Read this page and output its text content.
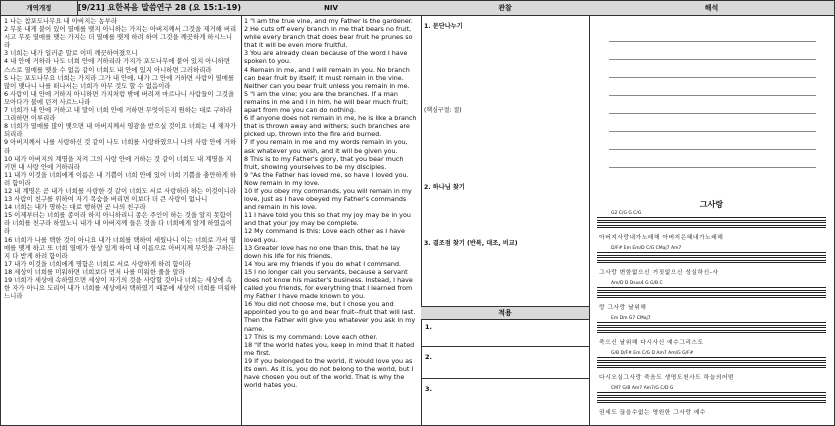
개역개정	[9/21] 요한복음 말씀연구 28 (요 15:1-19)

1 나는 참포도나무요 내 아버지는 농부라

2 무릇 내게 붙어 있어 열매를 맺지 아니하는 가지는 아버지께서 그것을 제거해 버리시고 무릇 열매를 맺는 가지는 더 열매를 맺게 하려 하여 그것을 깨끗하게 하시느니라

3 너희는 내가 일러준 말로 이미 깨끗하여졌으니

4 내 안에 거하라 나도 너희 안에 거하리라 가지가 포도나무에 붙어 있지 아니하면 스스로 열매를 맺을 수 없음 같이 너희도 내 안에 있지 아니하면 그러하리라

5 나는 포도나무요 너희는 가지라 그가 내 안에, 내가 그 안에 거하면 사람이 열매를 많이 맺나니 나를 떠나서는 너희가 아무 것도 할 수 없음이라

6 사람이 내 안에 거하지 아니하면 가지처럼 밖에 버려져 마르나니 사람들이 그것을 모아다가 불에 던져 사르느니라

7 너희가 내 안에 거하고 내 말이 너희 안에 거하면 무엇이든지 원하는 대로 구하라 그리하면 이루리라

8 너희가 열매를 많이 맺으면 내 아버지께서 영광을 받으실 것이요 너희는 내 제자가 되리라

9 아버지께서 나를 사랑하신 것 같이 나도 너희를 사랑하였으니 나의 사랑 안에 거하라

10 내가 아버지의 계명을 지켜 그의 사랑 안에 거하는 것 같이 너희도 내 계명을 지키면 내 사랑 안에 거하리라

11 내가 이것을 너희에게 이름은 내 기쁨이 너희 안에 있어 너희 기쁨을 충만하게 하려 함이라

12 내 계명은 곧 내가 너희를 사랑한 것 같이 너희도 서로 사랑하라 하는 이것이니라

13 사람이 친구를 위하여 자기 목숨을 버리면 이보다 더 큰 사랑이 없나니

14 너희는 내가 명하는 대로 행하면 곧 나의 친구라

15 이제부터는 너희를 종이라 하지 아니하리니 종은 주인이 하는 것을 알지 못함이라 너희를 친구라 하였노니 내가 내 아버지께 들은 것을 다 너희에게 알게 하였음이라

16 너희가 나를 택한 것이 아니요 내가 너희를 택하여 세웠나니 이는 너희로 가서 열매를 맺게 하고 또 너희 열매가 항상 있게 하여 내 이름으로 아버지께 무엇을 구하든지 다 받게 하려 함이라

17 내가 이것을 너희에게 명함은 너희로 서로 사랑하게 하려 함이라

18 세상이 너희를 미워하면 너희보다 먼저 나를 미워한 줄을 알라

19 너희가 세상에 속하였으면 세상이 자기의 것을 사랑할 것이나 너희는 세상에 속한 자가 아니요 도리어 내가 너희를 세상에서 택하였기 때문에 세상이 너희를 미워하느니라

NIV

1 "I am the true vine, and my Father is the gardener.

2 He cuts off every branch in me that bears no fruit, while every branch that does bear fruit he prunes so that it will be even more fruitful.

3 You are already clean because of the word I have spoken to you.

4 Remain in me, and I will remain in you. No branch can bear fruit by itself; it must remain in the vine. Neither can you bear fruit unless you remain in me.

5 "I am the vine; you are the branches. If a man remains in me and I in him, he will bear much fruit; apart from me you can do nothing.

6 If anyone does not remain in me, he is like a branch that is thrown away and withers; such branches are picked up, thrown into the fire and burned.

7 If you remain in me and my words remain in you, ask whatever you wish, and it will be given you.

8 This is to my Father's glory, that you bear much fruit, showing yourselves to be my disciples.

9 "As the Father has loved me, so have I loved you. Now remain in my love.

10 If you obey my commands, you will remain in my love, just as I have obeyed my Father's commands and remain in his love.

11 I have told you this so that my joy may be in you and that your joy may be complete.

12 My command is this: Love each other as I have loved you.

13 Greater love has no one than this, that he lay down his life for his friends.

14 You are my friends if you do what I command.

15 I no longer call you servants, because a servant does not know his master's business. Instead, I have called you friends, for everything that I learned from my Father I have made known to you.

16 You did not choose me, but I chose you and appointed you to go and bear fruit--fruit that will last. Then the Father will give you whatever you ask in my name.

17 This is my command: Love each other.

18 "If the world hates you, keep in mind that it hated me first.

19 If you belonged to the world, it would love you as its own. As it is, you do not belong to the world, but I have chosen you out of the world. That is why the world hates you.

관찰
1. 문단나누기
(핵심구절: 절)
2. 하나님 찾기
3. 결조점 찾기 (반복, 대조, 비교)
적용
1.
2.
3.
해석
그사랑
G2 C/G G C/G
아버지사랑내가노래해 아버지은혜내가노래해
D/F# Em Em/D C/G CMaj7 Am7
그사랑 변함없으신 거짓없으신 성실하신-사
Am/D D Dsus4 G G/B C
랑 그사랑 날위해
Em Dm G7 CMaj7
죽으신 날위해 다시사신 예수그리스도
G/B D/F# Em C/G D Am7 Am/G G/F#
다시오실그사랑 죽음도 생명도천사도 하늘의어떤
CM7 G/B Am7 Am7/G C/D G
권세도 끊을수없는 영원한 그사랑 예수
